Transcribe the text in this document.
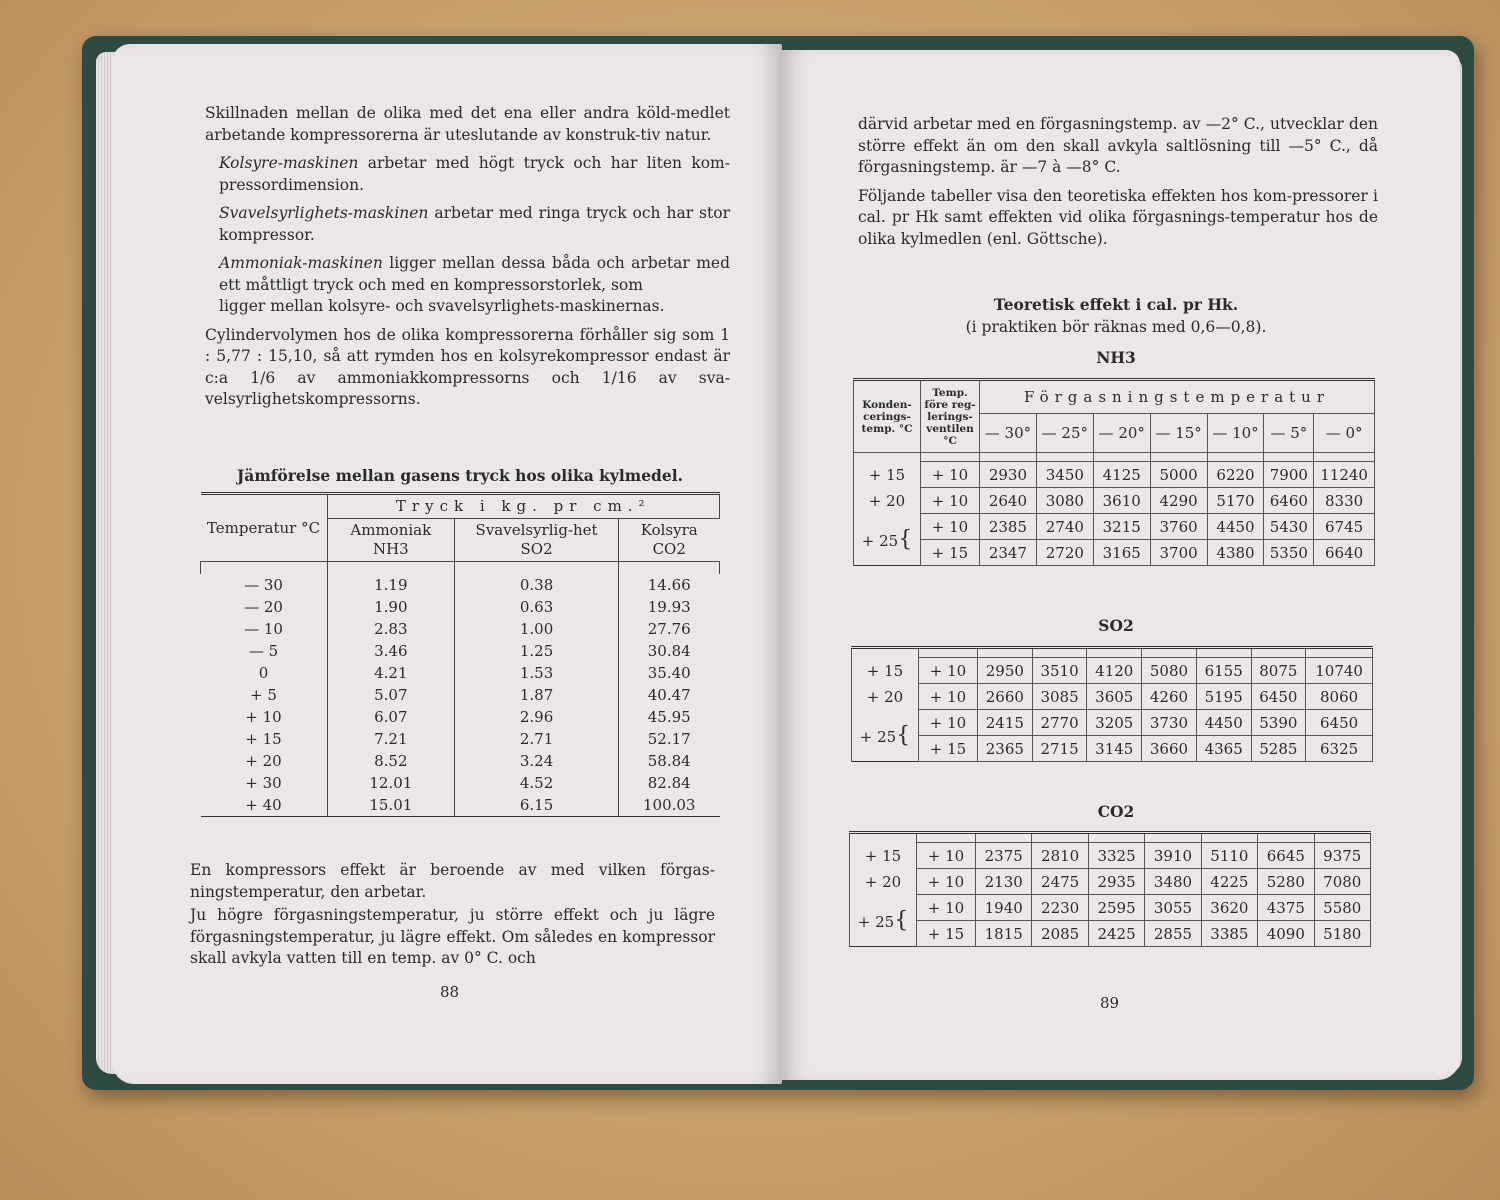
Skillnaden mellan de olika med det ena eller andra köld-medlet arbetande kompressorerna är uteslutande av konstruk-tiv natur.

Kolsyre-maskinen arbetar med högt tryck och har liten kom-pressordimension.

Svavelsyrlighets-maskinen arbetar med ringa tryck och har stor kompressor.

Ammoniak-maskinen ligger mellan dessa båda och arbetar med ett måttligt tryck och med en kompressorstorlek, som

ligger mellan kolsyre- och svavelsyrlighets-maskinernas.

Cylindervolymen hos de olika kompressorerna förhåller sig som 1 : 5,77 : 15,10, så att rymden hos en kolsyrekompressor endast är c:a 1/6 av ammoniakkompressorns och 1/16 av sva-velsyrlighetskompressorns.

Jämförelse mellan gasens tryck hos olika kylmedel.
Temperatur °C	Tryck i kg. pr cm.²		
	Ammoniak NH3	Svavelsyrlig-het SO2	Kolsyra CO2

— 30	1.19	0.38	14.66
— 20	1.90	0.63	19.93
— 10	2.83	1.00	27.76
— 5	3.46	1.25	30.84
0	4.21	1.53	35.40
+ 5	5.07	1.87	40.47
+ 10	6.07	2.96	45.95
+ 15	7.21	2.71	52.17
+ 20	8.52	3.24	58.84
+ 30	12.01	4.52	82.84
+ 40	15.01	6.15	100.03

En kompressors effekt är beroende av med vilken förgas-ningstemperatur, den arbetar.

Ju högre förgasningstemperatur, ju större effekt och ju lägre förgasningstemperatur, ju lägre effekt. Om således en kompressor skall avkyla vatten till en temp. av 0° C. och

88

därvid arbetar med en förgasningstemp. av —2° C., utvecklar den större effekt än om den skall avkyla saltlösning till —5° C., då förgasningstemp. är —7 à —8° C.

Följande tabeller visa den teoretiska effekten hos kom-pressorer i cal. pr Hk samt effekten vid olika förgasnings-temperatur hos de olika kylmedlen (enl. Göttsche).

Teoretisk effekt i cal. pr Hk.
(i praktiken bör räknas med 0,6—0,8).
NH3
Konden-cerings-temp. °C	Temp. före reg-lerings-ventilen °C	Förgasningstemperatur						
		— 30°	— 25°	— 20°	— 15°	— 10°	— 5°	— 0°

+ 15	+ 10	2930	3450	4125	5000	6220	7900	11240
+ 20	+ 10	2640	3080	3610	4290	5170	6460	8330
+ 25{	+ 10	2385	2740	3215	3760	4450	5430	6745
	+ 15	2347	2720	3165	3700	4380	5350	6640
SO2

+ 15	+ 10	2950	3510	4120	5080	6155	8075	10740
+ 20	+ 10	2660	3085	3605	4260	5195	6450	8060
+ 25{	+ 10	2415	2770	3205	3730	4450	5390	6450
	+ 15	2365	2715	3145	3660	4365	5285	6325
CO2

+ 15	+ 10	2375	2810	3325	3910	5110	6645	9375
+ 20	+ 10	2130	2475	2935	3480	4225	5280	7080
+ 25{	+ 10	1940	2230	2595	3055	3620	4375	5580
	+ 15	1815	2085	2425	2855	3385	4090	5180
89
